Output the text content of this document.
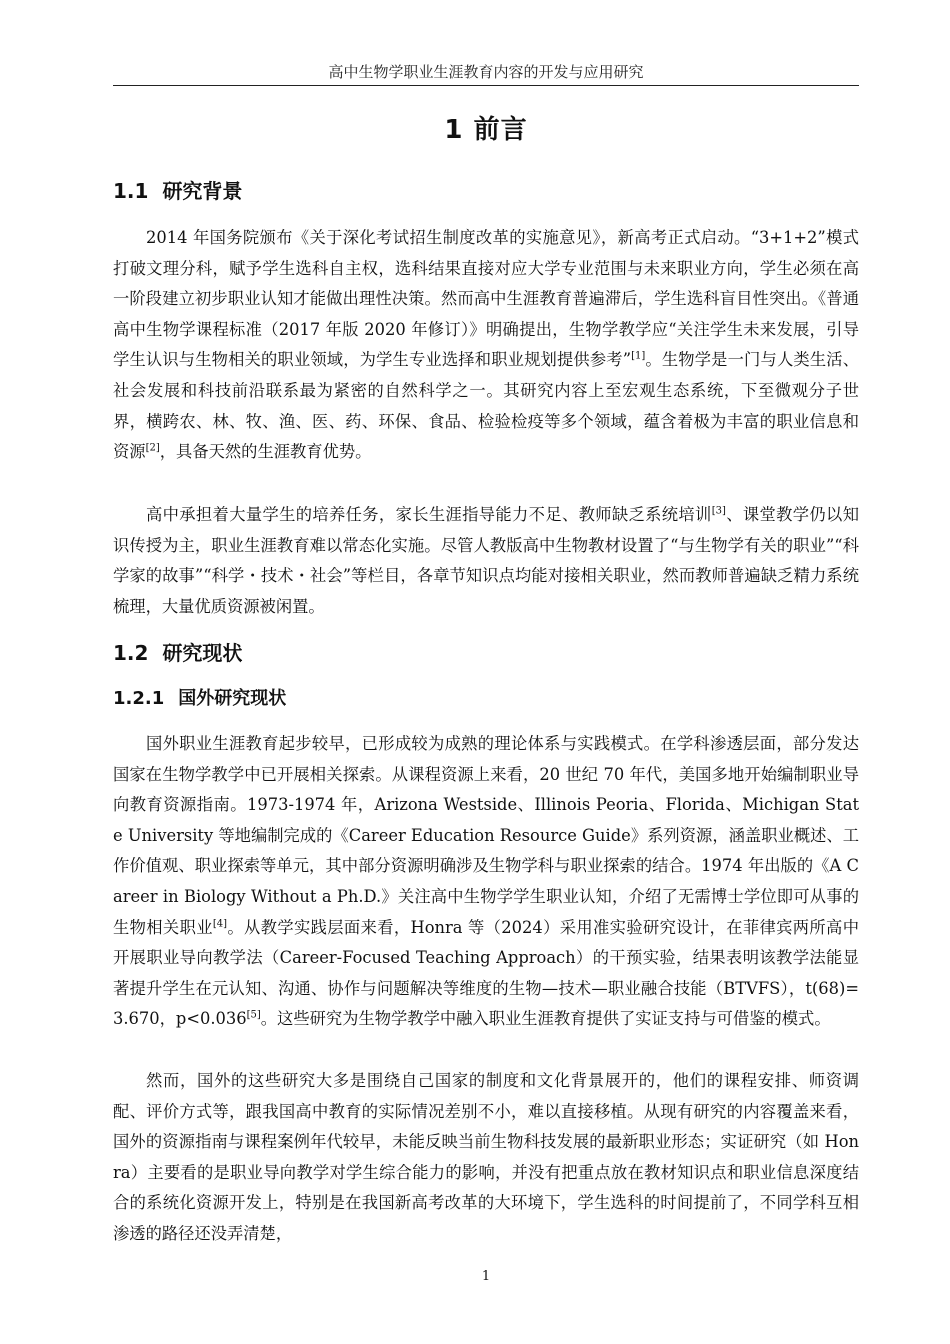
高中生物学职业生涯教育内容的开发与应用研究
1 前言
1.1 研究背景

2014 年国务院颁布《关于深化考试招生制度改革的实施意见》，新高考正式启动。“3+1+2”模式打破文理分科，赋予学生选科自主权，选科结果直接对应大学专业范围与未来职业方向，学生必须在高一阶段建立初步职业认知才能做出理性决策。然而高中生涯教育普遍滞后，学生选科盲目性突出。《普通高中生物学课程标准（2017 年版 2020 年修订）》明确提出，生物学教学应“关注学生未来发展，引导学生认识与生物相关的职业领域，为学生专业选择和职业规划提供参考”[1]。生物学是一门与人类生活、社会发展和科技前沿联系最为紧密的自然科学之一。其研究内容上至宏观生态系统，下至微观分子世界，横跨农、林、牧、渔、医、药、环保、食品、检验检疫等多个领域，蕴含着极为丰富的职业信息和资源[2]，具备天然的生涯教育优势。

高中承担着大量学生的培养任务，家长生涯指导能力不足、教师缺乏系统培训[3]、课堂教学仍以知识传授为主，职业生涯教育难以常态化实施。尽管人教版高中生物教材设置了“与生物学有关的职业”“科学家的故事”“科学・技术・社会”等栏目，各章节知识点均能对接相关职业，然而教师普遍缺乏精力系统梳理，大量优质资源被闲置。

1.2 研究现状
1.2.1 国外研究现状

国外职业生涯教育起步较早，已形成较为成熟的理论体系与实践模式。在学科渗透层面，部分发达国家在生物学教学中已开展相关探索。从课程资源上来看，20 世纪 70 年代，美国多地开始编制职业导向教育资源指南。1973-1974 年，Arizona Westside、Illinois Peoria、Florida、Michigan State University 等地编制完成的《Career Education Resource Guide》系列资源，涵盖职业概述、工作价值观、职业探索等单元，其中部分资源明确涉及生物学科与职业探索的结合。1974 年出版的《A Career in Biology Without a Ph.D.》关注高中生物学学生职业认知，介绍了无需博士学位即可从事的生物相关职业[4]。从教学实践层面来看，Honra 等（2024）采用准实验研究设计，在菲律宾两所高中开展职业导向教学法（Career-Focused Teaching Approach）的干预实验，结果表明该教学法能显著提升学生在元认知、沟通、协作与问题解决等维度的生物—技术—职业融合技能（BTVFS），t(68)=3.670，p<0.036[5]。这些研究为生物学教学中融入职业生涯教育提供了实证支持与可借鉴的模式。

然而，国外的这些研究大多是围绕自己国家的制度和文化背景展开的，他们的课程安排、师资调配、评价方式等，跟我国高中教育的实际情况差别不小，难以直接移植。从现有研究的内容覆盖来看，国外的资源指南与课程案例年代较早，未能反映当前生物科技发展的最新职业形态；实证研究（如 Honra）主要看的是职业导向教学对学生综合能力的影响，并没有把重点放在教材知识点和职业信息深度结合的系统化资源开发上，特别是在我国新高考改革的大环境下，学生选科的时间提前了，不同学科互相渗透的路径还没弄清楚，

1
